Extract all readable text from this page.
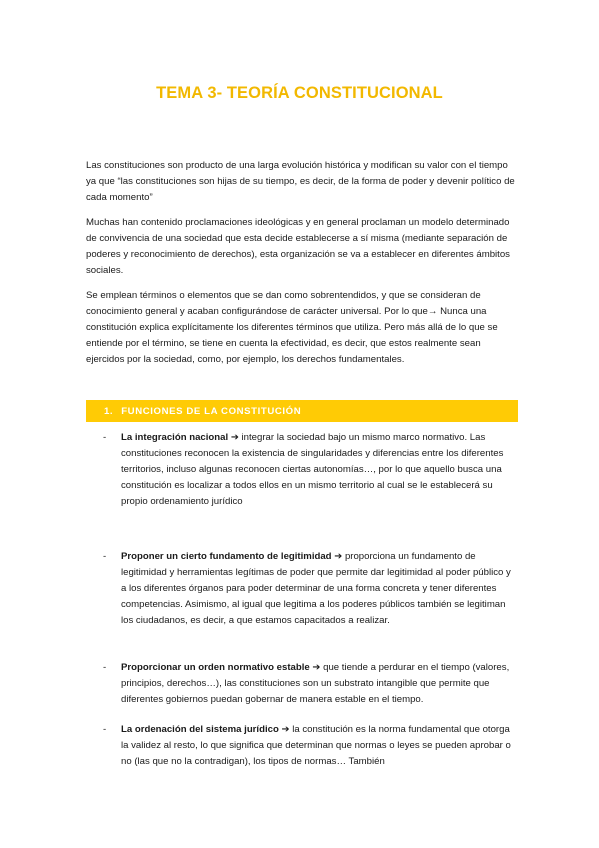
TEMA 3- TEORÍA CONSTITUCIONAL

Las constituciones son producto de una larga evolución histórica y modifican su valor con el tiempo ya que “las constituciones son hijas de su tiempo, es decir, de la forma de poder y devenir político de cada momento”

Muchas han contenido proclamaciones ideológicas y en general proclaman un modelo determinado de convivencia de una sociedad que esta decide establecerse a sí misma (mediante separación de poderes y reconocimiento de derechos), esta organización se va a establecer en diferentes ámbitos sociales.

Se emplean términos o elementos que se dan como sobrentendidos, y que se consideran de conocimiento general y acaban configurándose de carácter universal. Por lo que→ Nunca una constitución explica explícitamente los diferentes términos que utiliza. Pero más allá de lo que se entiende por el término, se tiene en cuenta la efectividad, es decir, que estos realmente sean ejercidos por la sociedad, como, por ejemplo, los derechos fundamentales.

1. FUNCIONES DE LA CONSTITUCIÓN
- La integración nacional ➔ integrar la sociedad bajo un mismo marco normativo. Las constituciones reconocen la existencia de singularidades y diferencias entre los diferentes territorios, incluso algunas reconocen ciertas autonomías…, por lo que aquello busca una constitución es localizar a todos ellos en un mismo territorio al cual se le establecerá su propio ordenamiento jurídico
- Proponer un cierto fundamento de legitimidad ➔ proporciona un fundamento de legitimidad y herramientas legítimas de poder que permite dar legitimidad al poder público y a los diferentes órganos para poder determinar de una forma concreta y tener diferentes competencias. Asimismo, al igual que legitima a los poderes públicos también se legitiman los ciudadanos, es decir, a que estamos capacitados a realizar.
- Proporcionar un orden normativo estable ➔ que tiende a perdurar en el tiempo (valores, principios, derechos…), las constituciones son un substrato intangible que permite que diferentes gobiernos puedan gobernar de manera estable en el tiempo.
- La ordenación del sistema jurídico ➔ la constitución es la norma fundamental que otorga la validez al resto, lo que significa que determinan que normas o leyes se pueden aprobar o no (las que no la contradigan), los tipos de normas… También
